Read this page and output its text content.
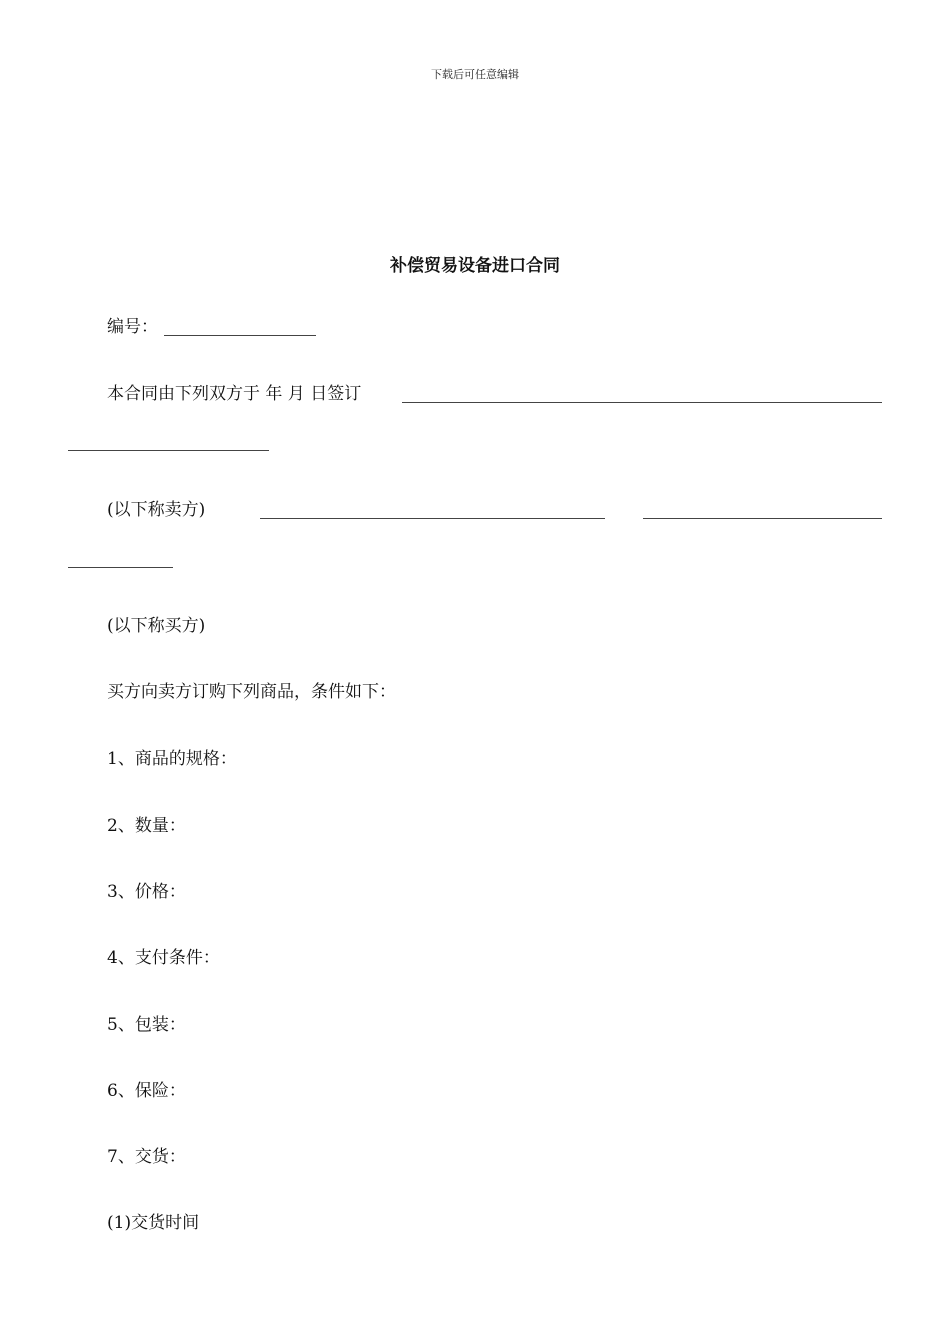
下载后可任意编辑
补偿贸易设备进口合同
编号：
本合同由下列双方于 年 月 日签订
(以下称卖方)
(以下称买方)
买方向卖方订购下列商品，条件如下：
1、商品的规格：
2、数量：
3、价格：
4、支付条件：
5、包装：
6、保险：
7、交货：
(1)交货时间
